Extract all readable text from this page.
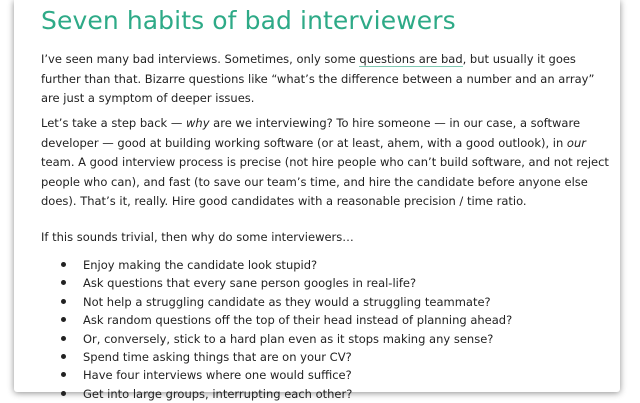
Seven habits of bad interviewers

I’ve seen many bad interviews. Sometimes, only some questions are bad, but usually it goes further than that. Bizarre questions like “what’s the difference between a number and an array” are just a symptom of deeper issues.

Let’s take a step back — why are we interviewing? To hire someone — in our case, a software developer — good at building working software (or at least, ahem, with a good outlook), in our team. A good interview process is precise (not hire people who can’t build software, and not reject people who can), and fast (to save our team’s time, and hire the candidate before anyone else does). That’s it, really. Hire good candidates with a reasonable precision / time ratio.

If this sounds trivial, then why do some interviewers…

Enjoy making the candidate look stupid?
Ask questions that every sane person googles in real-life?
Not help a struggling candidate as they would a struggling teammate?
Ask random questions off the top of their head instead of planning ahead?
Or, conversely, stick to a hard plan even as it stops making any sense?
Spend time asking things that are on your CV?
Have four interviews where one would suffice?
Get into large groups, interrupting each other?
